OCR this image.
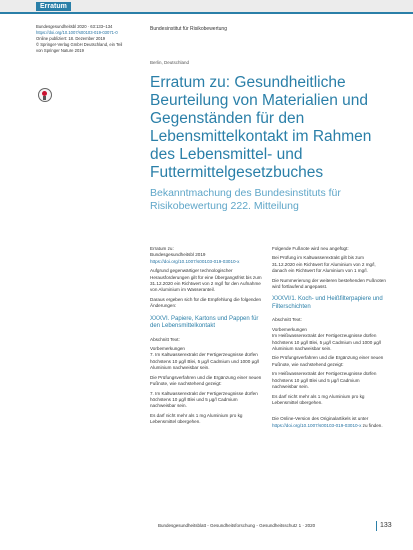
Erratum
Bundesgesundheitsbl 2020 · 63:133–134
https://doi.org/10.1007/s00103-019-03071-0
Online publiziert: 18. Dezember 2019
© Springer-Verlag GmbH Deutschland, ein Teil
von Springer Nature 2019
Bundesinstitut für Risikobewertung
Berlin, Deutschland
Erratum zu: Gesundheitliche Beurteilung von Materialien und Gegenständen für den Lebensmittelkontakt im Rahmen des Lebensmittel- und Futtermittelgesetzbuches
Bekanntmachung des Bundesinstituts für Risikobewertung 222. Mitteilung
Erratum zu:
Bundesgesundheitsbl 2019

https://doi.org/10.1007/s00103-019-03010-x

Aufgrund gegenwärtiger technologischer Herausforderungen gilt für eine Übergangsfrist bis zum 31.12.2020 ein Richtwert von 2 mg/l für den Aufnahme von Aluminium im Wasseranteil.

Daraus ergeben sich für die Empfehlung die folgenden Änderungen:

XXXVI. Papiere, Kartons und Pappen für den Lebensmittelkontakt

Abschnitt Text:

Vorbemerkungen

7. Im Kaltwasserextrakt der Fertigerzeugnisse dürfen höchstens 10 μg/l Blei, 5 μg/l Cadmium und 1000 μg/l Aluminium nachweisbar sein.

Die Prüfungsverfahren und die Ergänzung einer neuen Fußnote, wie nachstehend gezeigt:

7. Im Kaltwasserextrakt der Fertigerzeugnisse dürfen höchstens 10 μg/l Blei und 5 μg/l Cadmium nachweisbar sein.

Es darf nicht mehr als 1 mg Aluminium pro kg Lebensmittel übergehen.

Folgende Fußnote wird neu angefügt:

Bei Prüfung im Kaltwasserextrakt gilt bis zum 31.12.2020 ein Richtwert für Aluminium von 2 mg/l, danach ein Richtwert für Aluminium von 1 mg/l.

Die Nummerierung der weiteren bestehenden Fußnoten wird fortlaufend angepasst.

XXXVI/1. Koch- und Heißfilterpapiere und Filterschichten

Abschnitt Text:

Vorbemerkungen

Im Heißwasserextrakt der Fertigerzeugnisse dürfen höchstens 10 μg/l Blei, 5 μg/l Cadmium und 1000 μg/l Aluminium nachweisbar sein.

Die Prüfungsverfahren und die Ergänzung einer neuen Fußnote, wie nachstehend gezeigt:

Im Heißwasserextrakt der Fertigerzeugnisse dürfen höchstens 10 μg/l Blei und 5 μg/l Cadmium nachweisbar sein.

Es darf nicht mehr als 1 mg Aluminium pro kg Lebensmittel übergehen.

Die Online-Version des Originalartikels ist unter https://doi.org/10.1007/s00103-019-03010-x zu finden.
Bundesgesundheitsblatt - Gesundheitsforschung - Gesundheitsschutz 1 · 2020	133
